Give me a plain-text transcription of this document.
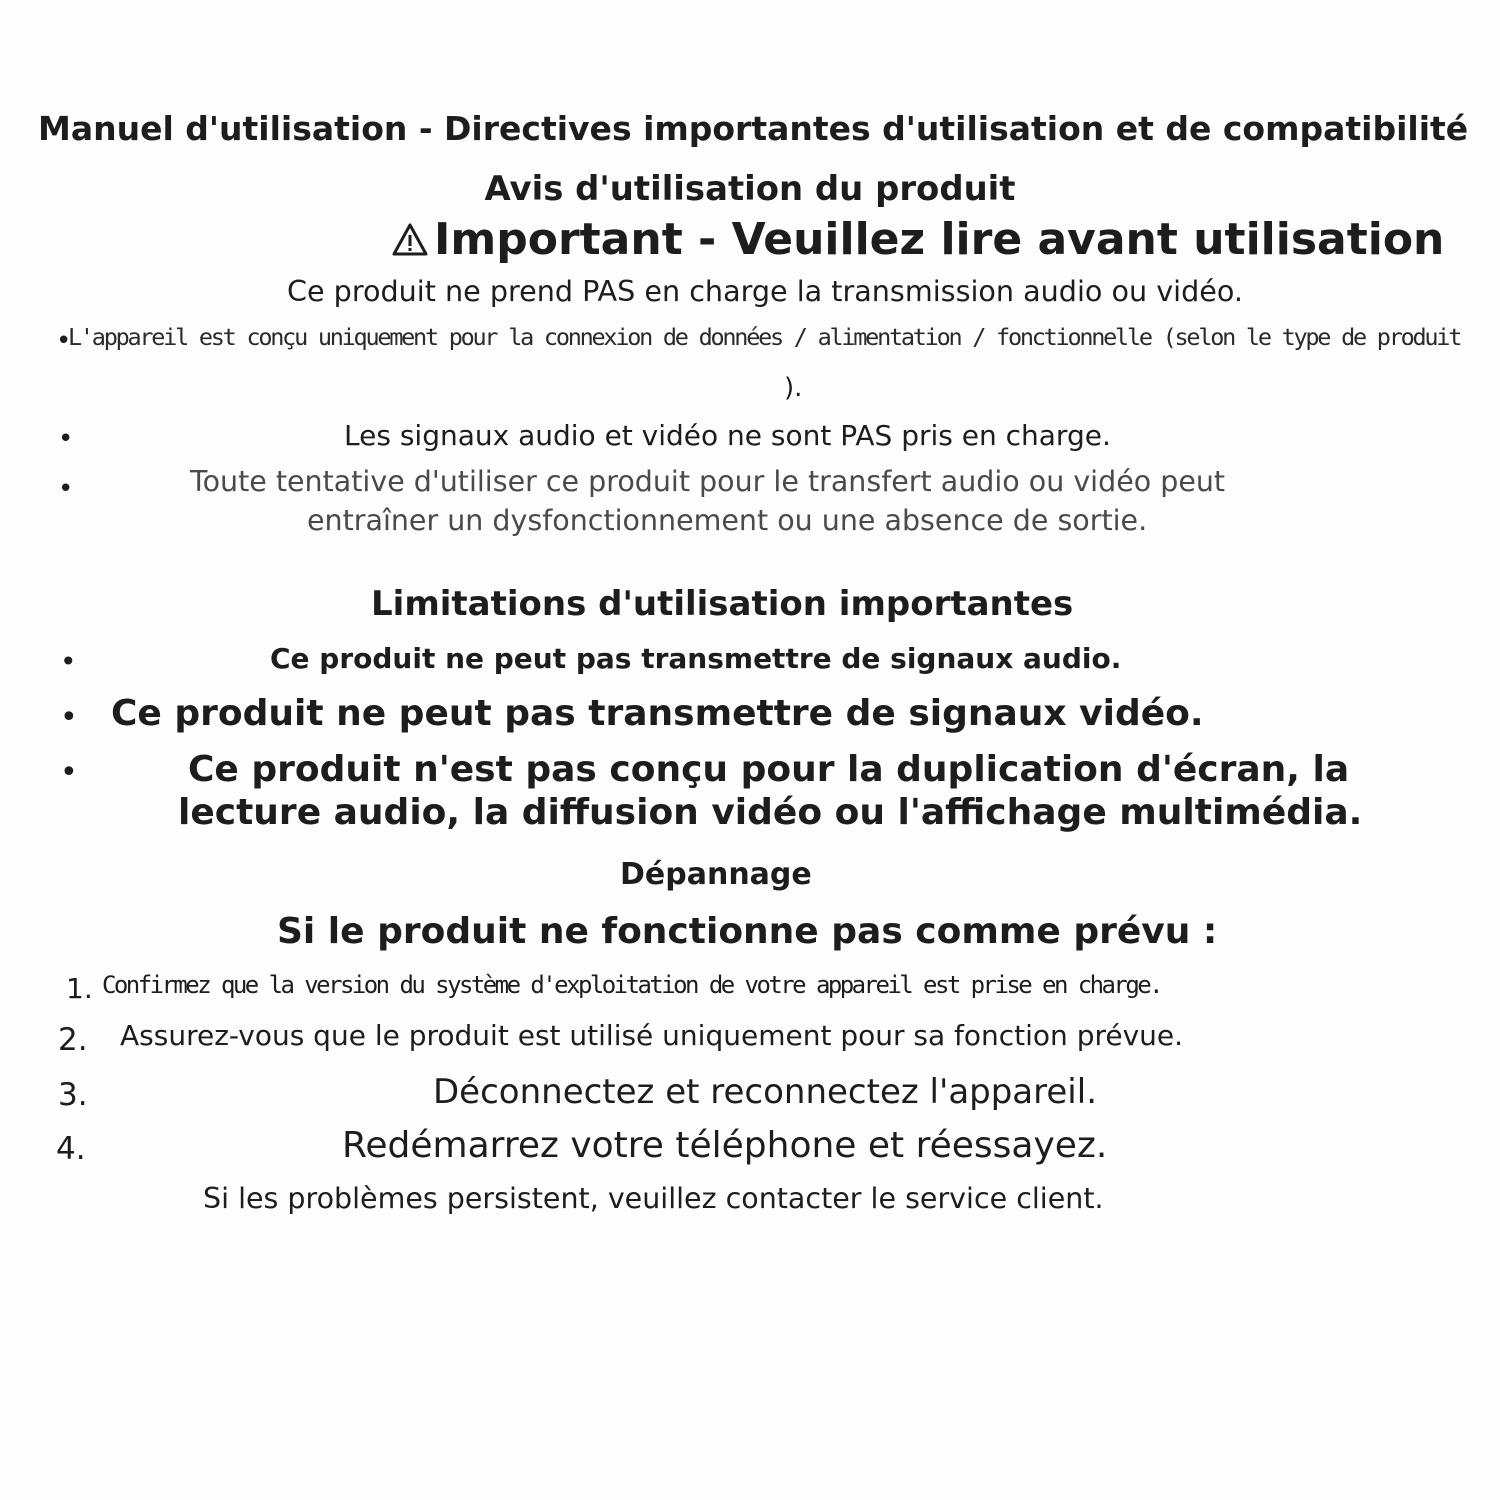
Manuel d'utilisation - Directives importantes d'utilisation et de compatibilité

Avis d'utilisation du produit

Important - Veuillez lire avant utilisation

Ce produit ne prend PAS en charge la transmission audio ou vidéo.

•

L'appareil est conçu uniquement pour la connexion de données / alimentation / fonctionnelle (selon le type de produit

).

•	Les signaux audio et vidéo ne sont PAS pris en charge.

•	Toute tentative d'utiliser ce produit pour le transfert audio ou vidéo peut

entraîner un dysfonctionnement ou une absence de sortie.

Limitations d'utilisation importantes

•	Ce produit ne peut pas transmettre de signaux audio.

• Ce produit ne peut pas transmettre de signaux vidéo.

•	Ce produit n'est pas conçu pour la duplication d'écran, la

lecture audio, la diffusion vidéo ou l'affichage multimédia.

Dépannage

Si le produit ne fonctionne pas comme prévu :

1. Confirmez que la version du système d'exploitation de votre appareil est prise en charge.

2. Assurez-vous que le produit est utilisé uniquement pour sa fonction prévue.

3.	Déconnectez et reconnectez l'appareil.

4.	Redémarrez votre téléphone et réessayez.

Si les problèmes persistent, veuillez contacter le service client.
